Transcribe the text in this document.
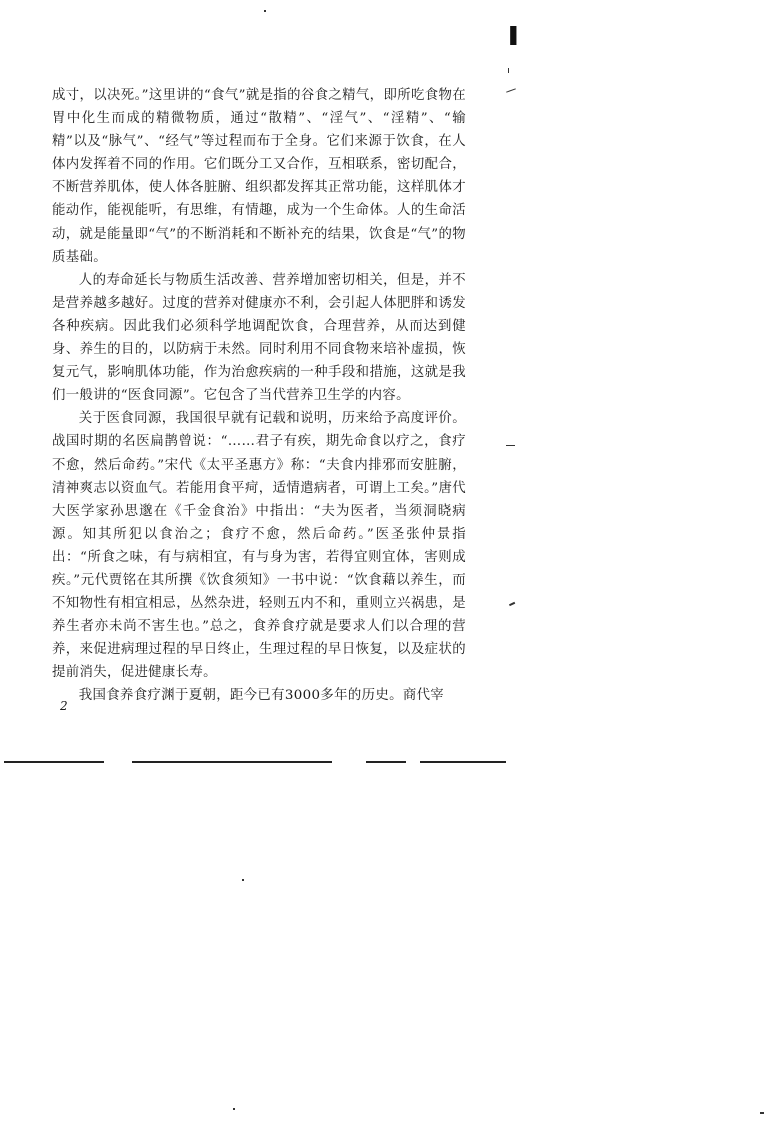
▐

成寸，以决死。”这里讲的“食气”就是指的谷食之精气，即所吃食物在胃中化生而成的精微物质，通过“散精”、“淫气”、“淫精”、“输精”以及“脉气”、“经气”等过程而布于全身。它们来源于饮食，在人体内发挥着不同的作用。它们既分工又合作，互相联系，密切配合，不断营养肌体，使人体各脏腑、组织都发挥其正常功能，这样肌体才能动作，能视能听，有思维，有情趣，成为一个生命体。人的生命活动，就是能量即“气”的不断消耗和不断补充的结果，饮食是“气”的物质基础。

人的寿命延长与物质生活改善、营养增加密切相关，但是，并不是营养越多越好。过度的营养对健康亦不利，会引起人体肥胖和诱发各种疾病。因此我们必须科学地调配饮食，合理营养，从而达到健身、养生的目的，以防病于未然。同时利用不同食物来培补虚损，恢复元气，影响肌体功能，作为治愈疾病的一种手段和措施，这就是我们一般讲的“医食同源”。它包含了当代营养卫生学的内容。

关于医食同源，我国很早就有记载和说明，历来给予高度评价。战国时期的名医扁鹊曾说：“……君子有疾，期先命食以疗之，食疗不愈，然后命药。”宋代《太平圣惠方》称：“夫食内排邪而安脏腑，清神爽志以资血气。若能用食平疴，适情遣病者，可谓上工矣。”唐代大医学家孙思邈在《千金食治》中指出：“夫为医者，当须洞晓病源。知其所犯以食治之；食疗不愈，然后命药。”医圣张仲景指出：“所食之味，有与病相宜，有与身为害，若得宜则宜体，害则成疾。”元代贾铭在其所撰《饮食须知》一书中说：“饮食藉以养生，而不知物性有相宜相忌，丛然杂进，轻则五内不和，重则立兴祸患，是养生者亦未尚不害生也。”总之，食养食疗就是要求人们以合理的营养，来促进病理过程的早日终止，生理过程的早日恢复，以及症状的提前消失，促进健康长寿。

我国食养食疗渊于夏朝，距今已有3000多年的历史。商代宰

2
